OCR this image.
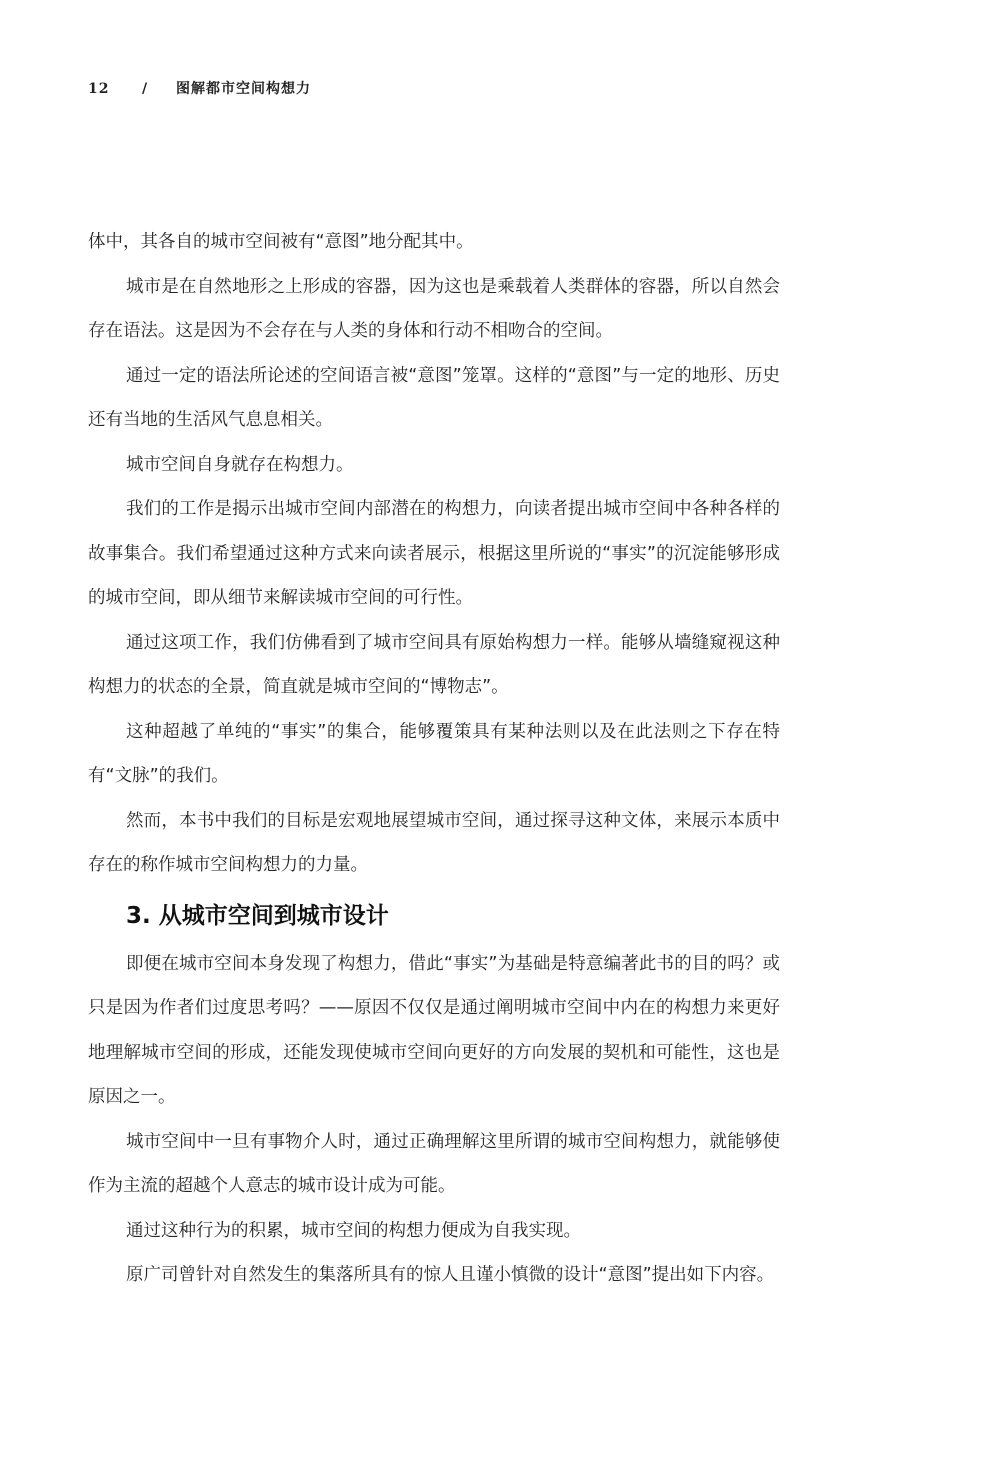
12 / 图解都市空间构想力

体中，其各自的城市空间被有“意图”地分配其中。

城市是在自然地形之上形成的容器，因为这也是乘载着人类群体的容器，所以自然会存在语法。这是因为不会存在与人类的身体和行动不相吻合的空间。

通过一定的语法所论述的空间语言被“意图”笼罩。这样的“意图”与一定的地形、历史还有当地的生活风气息息相关。

城市空间自身就存在构想力。

我们的工作是揭示出城市空间内部潜在的构想力，向读者提出城市空间中各种各样的故事集合。我们希望通过这种方式来向读者展示，根据这里所说的“事实”的沉淀能够形成的城市空间，即从细节来解读城市空间的可行性。

通过这项工作，我们仿佛看到了城市空间具有原始构想力一样。能够从墙缝窥视这种构想力的状态的全景，简直就是城市空间的“博物志”。

这种超越了单纯的“事实”的集合，能够覆策具有某种法则以及在此法则之下存在特有“文脉”的我们。

然而，本书中我们的目标是宏观地展望城市空间，通过探寻这种文体，来展示本质中存在的称作城市空间构想力的力量。

3. 从城市空间到城市设计

即便在城市空间本身发现了构想力，借此“事实”为基础是特意编著此书的目的吗？或只是因为作者们过度思考吗？——原因不仅仅是通过阐明城市空间中内在的构想力来更好地理解城市空间的形成，还能发现使城市空间向更好的方向发展的契机和可能性，这也是原因之一。

城市空间中一旦有事物介人时，通过正确理解这里所谓的城市空间构想力，就能够使作为主流的超越个人意志的城市设计成为可能。

通过这种行为的积累，城市空间的构想力便成为自我实现。

原广司曾针对自然发生的集落所具有的惊人且谨小慎微的设计“意图”提出如下内容。
